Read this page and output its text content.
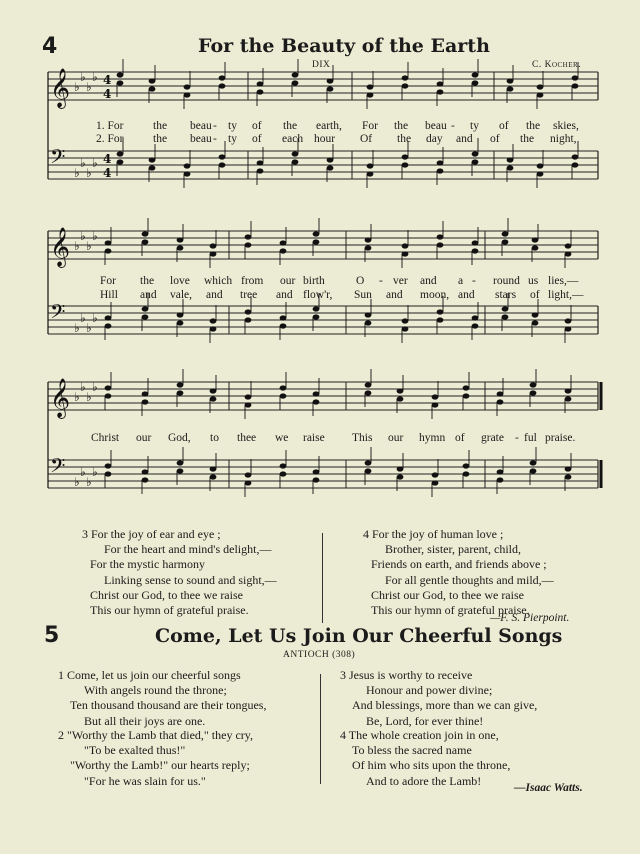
4	For the Beauty of the Earth
DIX	C. Kocher.
𝄞 ♭
♭
♭
♭ 4
4
𝄢 ♭
♭
♭
♭ 4
4
𝄞 ♭
♭
♭
♭
𝄢 ♭
♭
♭
♭
𝄞 ♭
♭
♭
♭
𝄢 ♭
♭
♭
♭
1. For	the beau - ty of the earth, For the beau - ty of the skies,
2. For	the beau - ty of each hour Of the day and of the night,
For the love which from our birth	O - ver and a - round us lies,—
Hill and vale, and tree and flow'r, Sun and moon, and stars of light,—
Christ our God, to thee we raise This our hymn of grate - ful praise.
3 For the joy of ear and eye ;
For the heart and mind's delight,—
For the mystic harmony
Linking sense to sound and sight,—
Christ our God, to thee we raise
This our hymn of grateful praise.
4 For the joy of human love ;
Brother, sister, parent, child,
Friends on earth, and friends above ;
For all gentle thoughts and mild,—
Christ our God, to thee we raise
This our hymn of grateful praise.
—F. S. Pierpoint.
5	Come, Let Us Join Our Cheerful Songs
ANTIOCH (308)
1 Come, let us join our cheerful songs
With angels round the throne;
Ten thousand thousand are their tongues,
But all their joys are one.
2 "Worthy the Lamb that died," they cry,
"To be exalted thus!"
"Worthy the Lamb!" our hearts reply;
"For he was slain for us."
3 Jesus is worthy to receive
Honour and power divine;
And blessings, more than we can give,
Be, Lord, for ever thine!
4 The whole creation join in one,
To bless the sacred name
Of him who sits upon the throne,
And to adore the Lamb!
—Isaac Watts.
